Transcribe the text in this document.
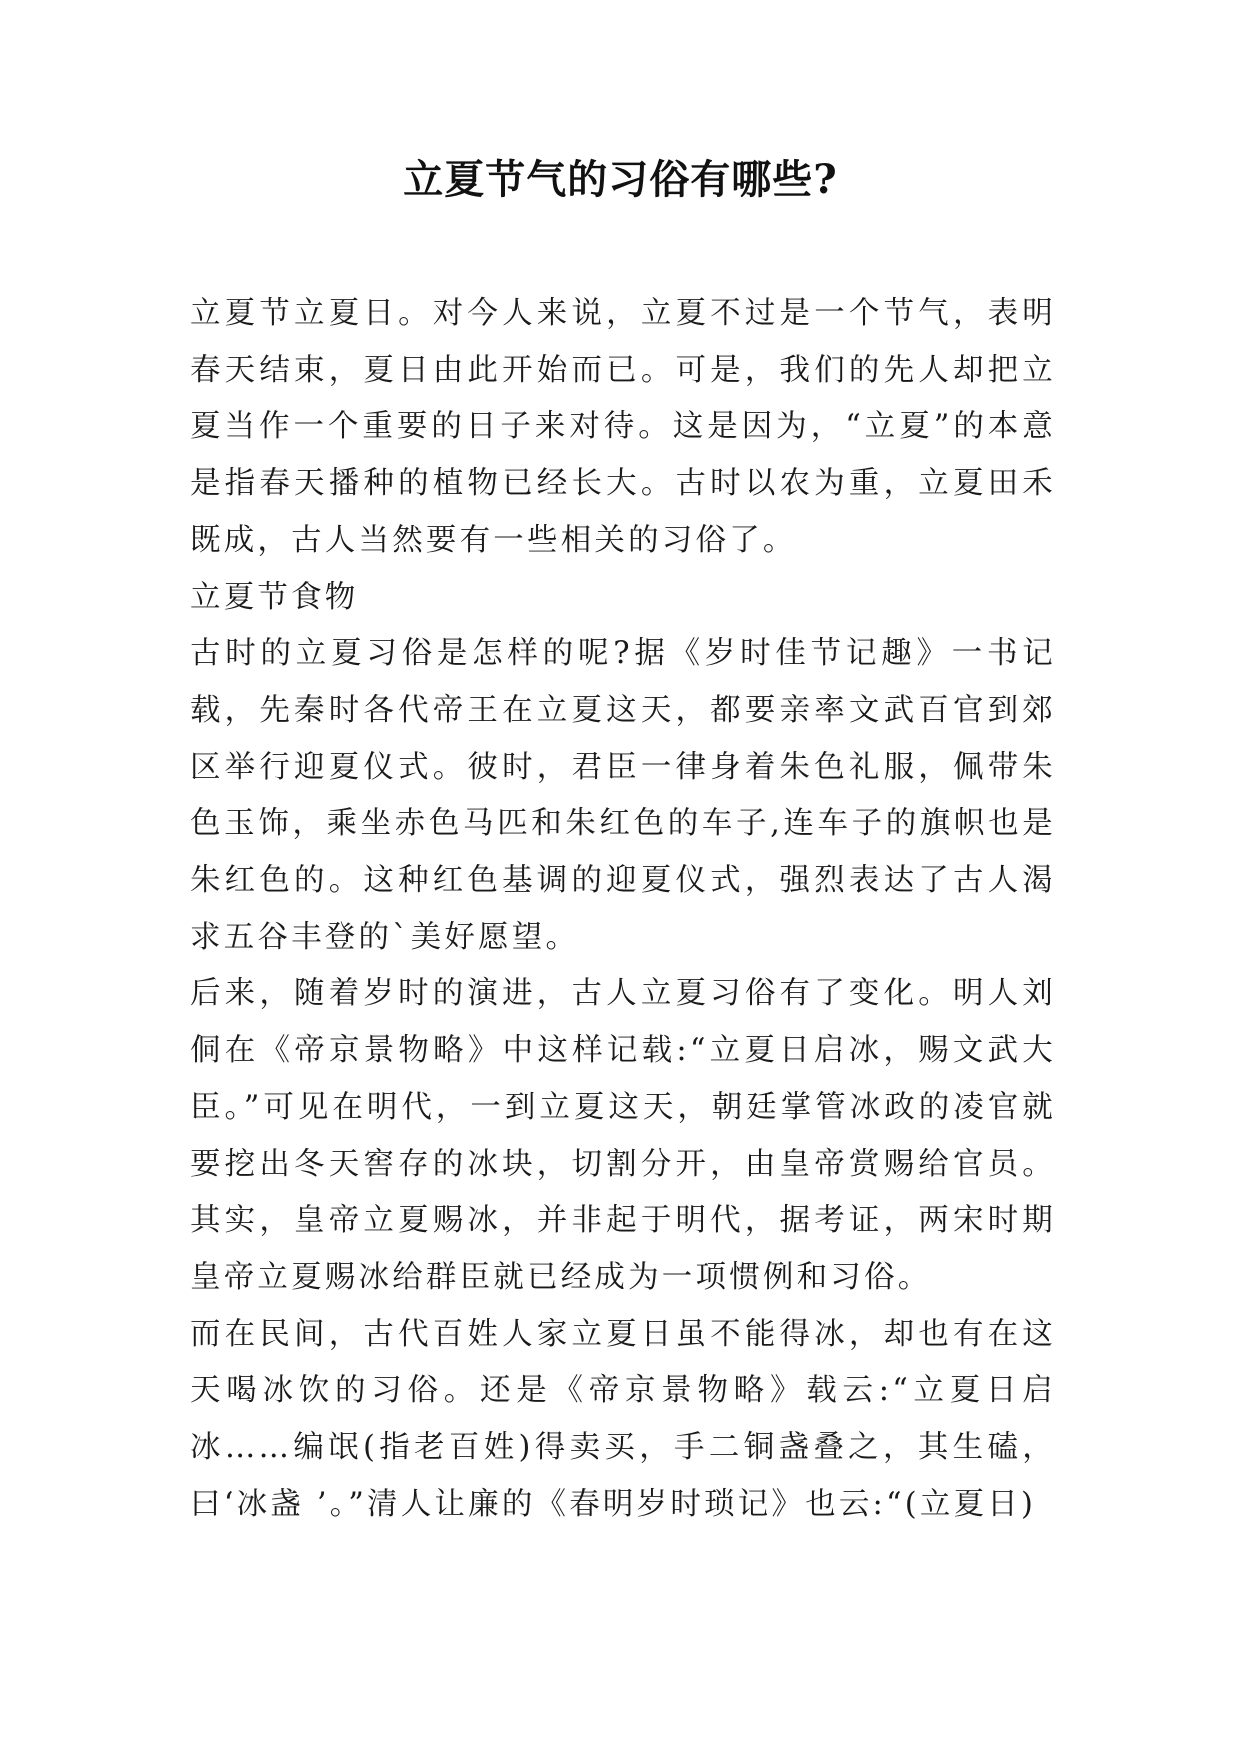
立夏节气的习俗有哪些?

立夏节立夏日。对今人来说，立夏不过是一个节气，表明春天结束，夏日由此开始而已。可是，我们的先人却把立夏当作一个重要的日子来对待。这是因为，“立夏”的本意是指春天播种的植物已经长大。古时以农为重，立夏田禾既成，古人当然要有一些相关的习俗了。

立夏节食物

古时的立夏习俗是怎样的呢?据《岁时佳节记趣》一书记载，先秦时各代帝王在立夏这天，都要亲率文武百官到郊区举行迎夏仪式。彼时，君臣一律身着朱色礼服，佩带朱色玉饰，乘坐赤色马匹和朱红色的车子,连车子的旗帜也是朱红色的。这种红色基调的迎夏仪式，强烈表达了古人渴求五谷丰登的`美好愿望。

后来，随着岁时的演进，古人立夏习俗有了变化。明人刘侗在《帝京景物略》中这样记载:“立夏日启冰，赐文武大臣。”可见在明代，一到立夏这天，朝廷掌管冰政的凌官就要挖出冬天窖存的冰块，切割分开，由皇帝赏赐给官员。其实，皇帝立夏赐冰，并非起于明代，据考证，两宋时期皇帝立夏赐冰给群臣就已经成为一项惯例和习俗。

而在民间，古代百姓人家立夏日虽不能得冰，却也有在这天喝冰饮的习俗。还是《帝京景物略》载云:“立夏日启冰……编氓(指老百姓)得卖买，手二铜盏叠之，其生磕，曰‘冰盏 ’。”清人让廉的《春明岁时琐记》也云:“(立夏日)
